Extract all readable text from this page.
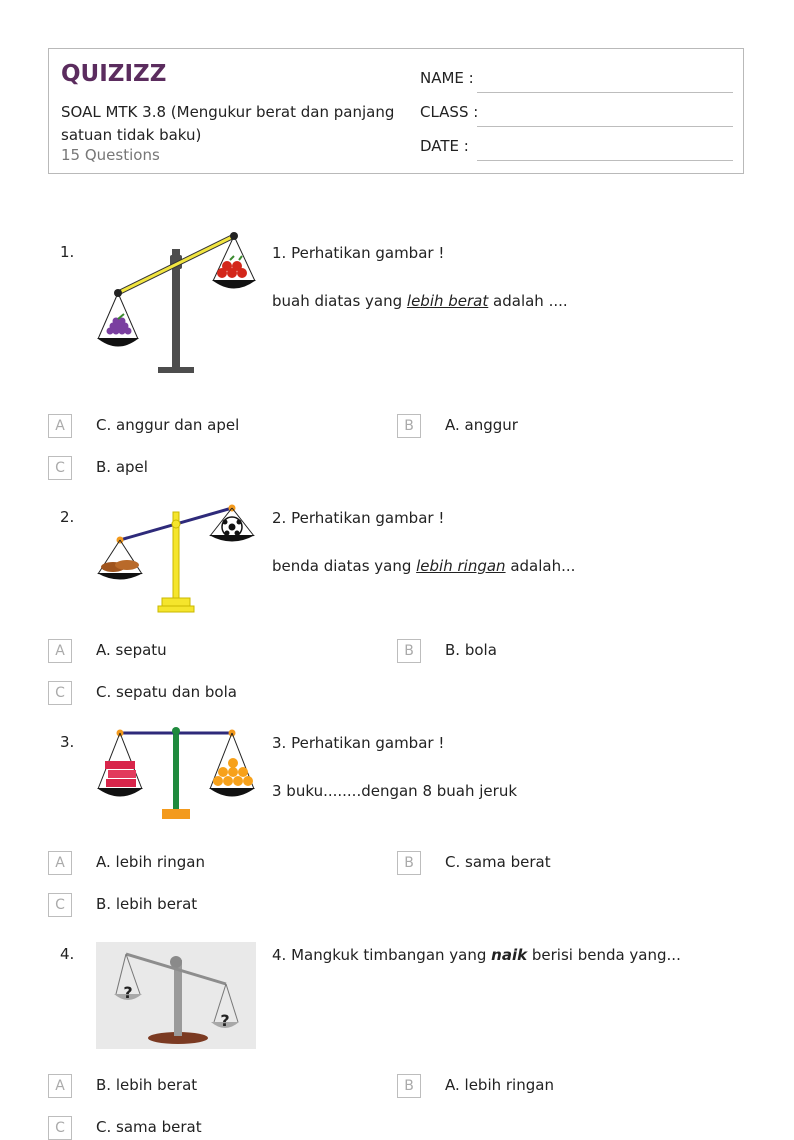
QUIZIZZ
SOAL MTK 3.8 (Mengukur berat dan panjang satuan tidak baku)
15 Questions
NAME :
CLASS :
DATE :
1.	1. Perhatikan gambar !

buah diatas yang lebih berat adalah ....

A	C. anggur dan apel	B	A. anggur
C	B. apel
2.	2. Perhatikan gambar !

benda diatas yang lebih ringan adalah...

A	A. sepatu	B	B. bola
C	C. sepatu dan bola
3.	3. Perhatikan gambar !

3 buku........dengan 8 buah jeruk

A	A. lebih ringan	B	C. sama berat
C	B. lebih berat
4.
?
?

4. Mangkuk timbangan yang naik berisi benda yang...

A	B. lebih berat	B	A. lebih ringan
C	C. sama berat
